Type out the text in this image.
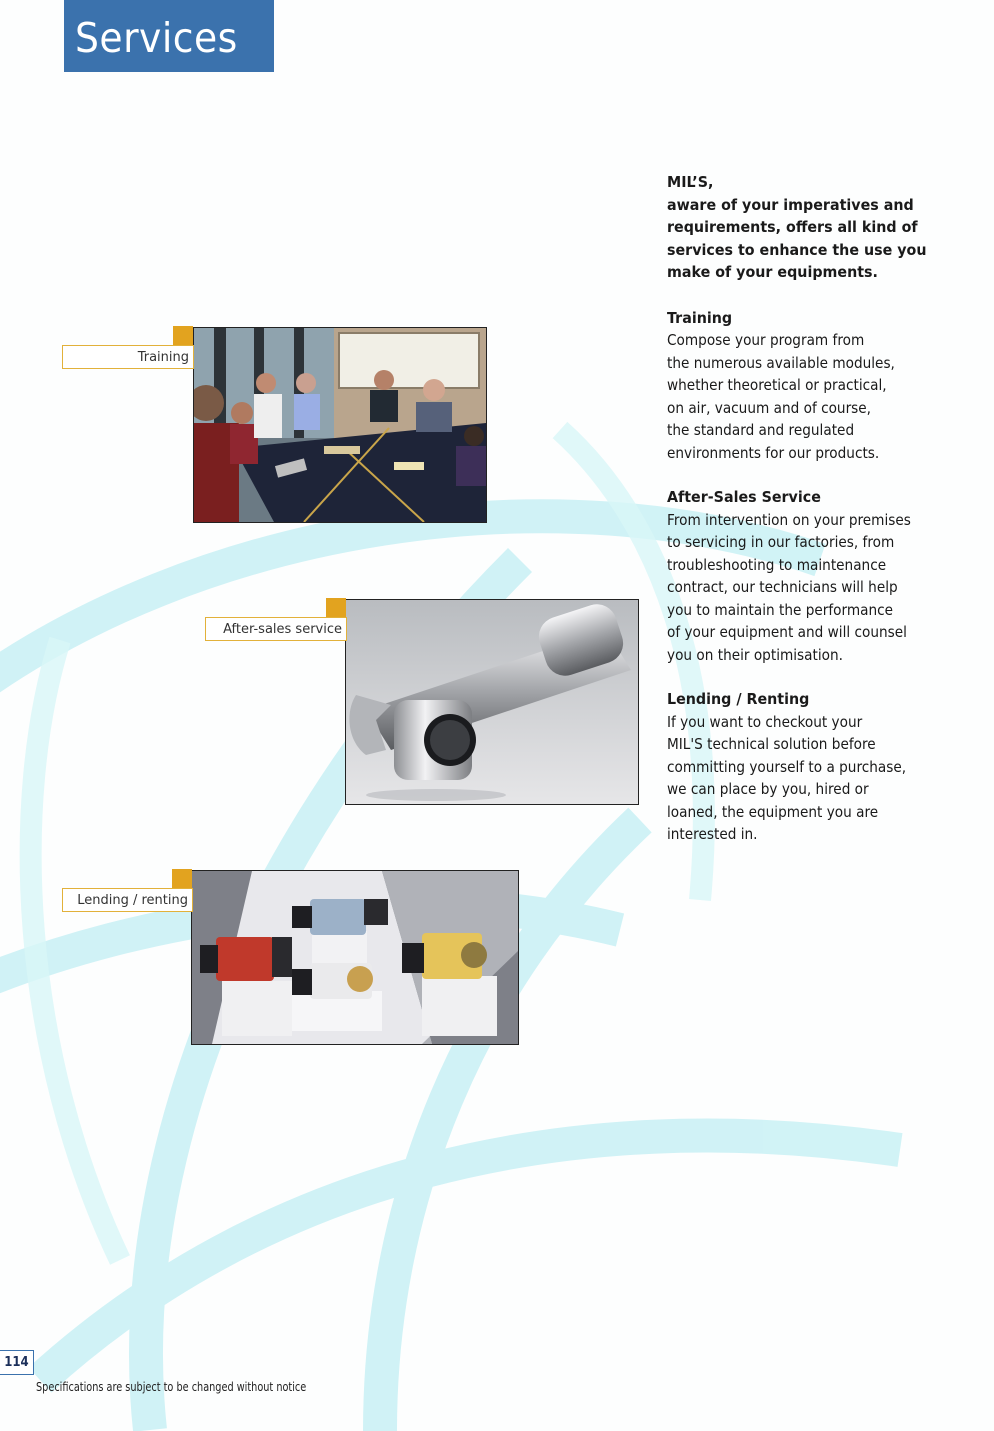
Services
Training
After-sales service
Lending / renting

MIL’S,

aware of your imperatives and

requirements, offers all kind of

services to enhance the use you

make of your equipments.

Training

Compose your program from

the numerous available modules,

whether theoretical or practical,

on air, vacuum and of course,

the standard and regulated

environments for our products.

After-Sales Service

From intervention on your premises

to servicing in our factories, from

troubleshooting to maintenance

contract, our technicians will help

you to maintain the performance

of your equipment and will counsel

you on their optimisation.

Lending / Renting

If you want to checkout your

MIL'S technical solution before

committing yourself to a purchase,

we can place by you, hired or

loaned, the equipment you are

interested in.

114
Specifications are subject to be changed without notice
